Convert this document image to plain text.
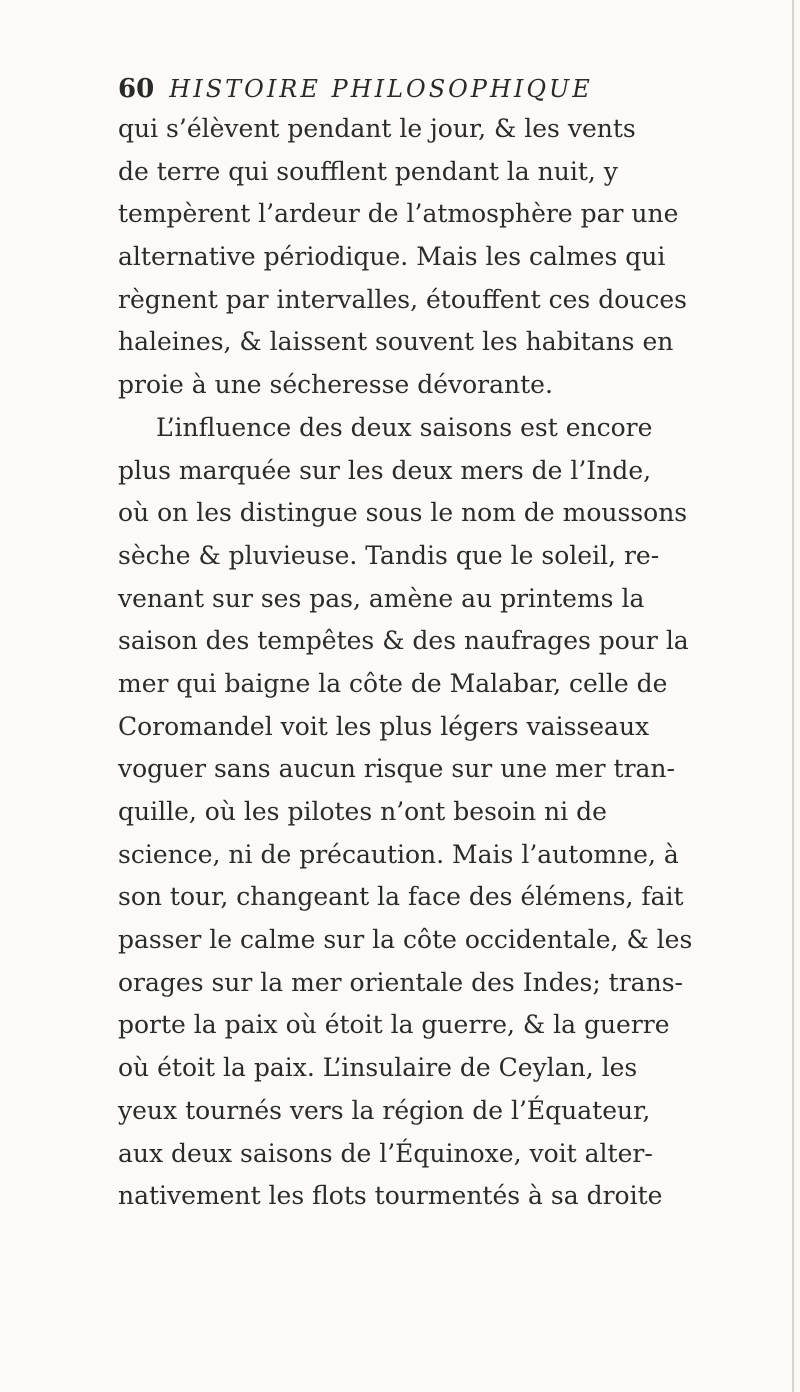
60 HISTOIRE PHILOSOPHIQUE
qui s’élèvent pendant le jour, & les vents
de terre qui soufflent pendant la nuit, y
tempèrent l’ardeur de l’atmosphère par une
alternative périodique. Mais les calmes qui
règnent par intervalles, étouffent ces douces
haleines, & laissent souvent les habitans en
proie à une sécheresse dévorante.
L’influence des deux saisons est encore
plus marquée sur les deux mers de l’Inde,
où on les distingue sous le nom de moussons
sèche & pluvieuse. Tandis que le soleil, re-
venant sur ses pas, amène au printems la
saison des tempêtes & des naufrages pour la
mer qui baigne la côte de Malabar, celle de
Coromandel voit les plus légers vaisseaux
voguer sans aucun risque sur une mer tran-
quille, où les pilotes n’ont besoin ni de
science, ni de précaution. Mais l’automne, à
son tour, changeant la face des élémens, fait
passer le calme sur la côte occidentale, & les
orages sur la mer orientale des Indes; trans-
porte la paix où étoit la guerre, & la guerre
où étoit la paix. L’insulaire de Ceylan, les
yeux tournés vers la région de l’Équateur,
aux deux saisons de l’Équinoxe, voit alter-
nativement les flots tourmentés à sa droite
